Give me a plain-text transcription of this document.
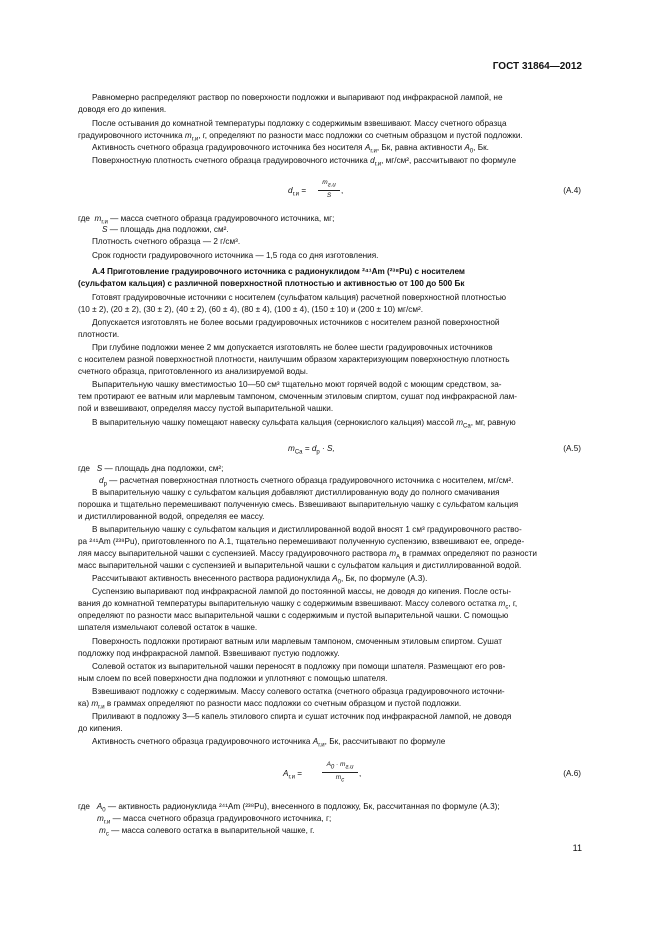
ГОСТ 31864—2012
Равномерно распределяют раствор по поверхности подложки и выпаривают под инфракрасной лампой, не
доводя его до кипения.
После остывания до комнатной температуры подложку с содержимым взвешивают. Массу счетного образца
градуировочного источника $m_{г.и}$, г, определяют по разности масс подложки со счетным образцом и пустой подложки.
Активность счетного образца градуировочного источника без носителя $A_{г.и}$, Бк, равна активности $A_0$, Бк.
Поверхностную плотность счетного образца градуировочного источника $d_{г.и}$, мг/см², рассчитывают по формуле
$d_{г.и}$ =
$m_{г.и}$
S
,	(А.4)
где $m_{г.и}$ — масса счетного образца градуировочного источника, мг;
S — площадь дна подложки, см².
Плотность счетного образца — 2 г/см³.
Срок годности градуировочного источника — 1,5 года со дня изготовления.
А.4 Приготовление градуировочного источника с радионуклидом ²⁴¹Am (²³⁸Pu) с носителем
(сульфатом кальция) с различной поверхностной плотностью и активностью от 100 до 500 Бк
Готовят градуировочные источники с носителем (сульфатом кальция) расчетной поверхностной плотностью
(10 ± 2), (20 ± 2), (30 ± 2), (40 ± 2), (60 ± 4), (80 ± 4), (100 ± 4), (150 ± 10) и (200 ± 10) мг/см².
Допускается изготовлять не более восьми градуировочных источников с носителем разной поверхностной
плотности.
При глубине подложки менее 2 мм допускается изготовлять не более шести градуировочных источников
с носителем разной поверхностной плотности, наилучшим образом характеризующим поверхностную плотность
счетного образца, приготовленного из анализируемой воды.
Выпарительную чашку вместимостью 10—50 см³ тщательно моют горячей водой с моющим средством, за-
тем протирают ее ватным или марлевым тампоном, смоченным этиловым спиртом, сушат под инфракрасной лам-
пой и взвешивают, определяя массу пустой выпарительной чашки.
В выпарительную чашку помещают навеску сульфата кальция (сернокислого кальция) массой $m_{Ca}$, мг, равную
$m_{Ca} = d_р \cdot S$,	(А.5)
где S — площадь дна подложки, см²;
$d_р$ — расчетная поверхностная плотность счетного образца градуировочного источника с носителем, мг/см².
В выпарительную чашку с сульфатом кальция добавляют дистиллированную воду до полного смачивания
порошка и тщательно перемешивают полученную смесь. Взвешивают выпарительную чашку с сульфатом кальция
и дистиллированной водой, определяя ее массу.
В выпарительную чашку с сульфатом кальция и дистиллированной водой вносят 1 см³ градуировочного раство-
ра ²⁴¹Am (²³⁸Pu), приготовленного по А.1, тщательно перемешивают полученную суспензию, взвешивают ее, опреде-
ляя массу выпарительной чашки с суспензией. Массу градуировочного раствора $m_А$ в граммах определяют по разности
масс выпарительной чашки с суспензией и выпарительной чашки с сульфатом кальция и дистиллированной водой.
Рассчитывают активность внесенного раствора радионуклида $A_0$, Бк, по формуле (А.3).
Суспензию выпаривают под инфракрасной лампой до постоянной массы, не доводя до кипения. После осты-
вания до комнатной температуры выпарительную чашку с содержимым взвешивают. Массу солевого остатка $m_с$, г,
определяют по разности масс выпарительной чашки с содержимым и пустой выпарительной чашки. С помощью
шпателя измельчают солевой остаток в чашке.
Поверхность подложки протирают ватным или марлевым тампоном, смоченным этиловым спиртом. Сушат
подложку под инфракрасной лампой. Взвешивают пустую подложку.
Солевой остаток из выпарительной чашки переносят в подложку при помощи шпателя. Размещают его ров-
ным слоем по всей поверхности дна подложки и уплотняют с помощью шпателя.
Взвешивают подложку с содержимым. Массу солевого остатка (счетного образца градуировочного источни-
ка) $m_{г.и}$ в граммах определяют по разности масс подложки со счетным образцом и пустой подложки.
Приливают в подложку 3—5 капель этилового спирта и сушат источник под инфракрасной лампой, не доводя
до кипения.
Активность счетного образца градуировочного источника $A_{г.и}$, Бк, рассчитывают по формуле
$A_{г.и}$ =
$A_0 \cdot m_{г.и}$
$m_с$
,	(А.6)
где $A_0$ — активность радионуклида ²⁴¹Am (²³⁸Pu), внесенного в подложку, Бк, рассчитанная по формуле (А.3);
$m_{г.и}$ — масса счетного образца градуировочного источника, г;
$m_с$ — масса солевого остатка в выпарительной чашке, г.
11
